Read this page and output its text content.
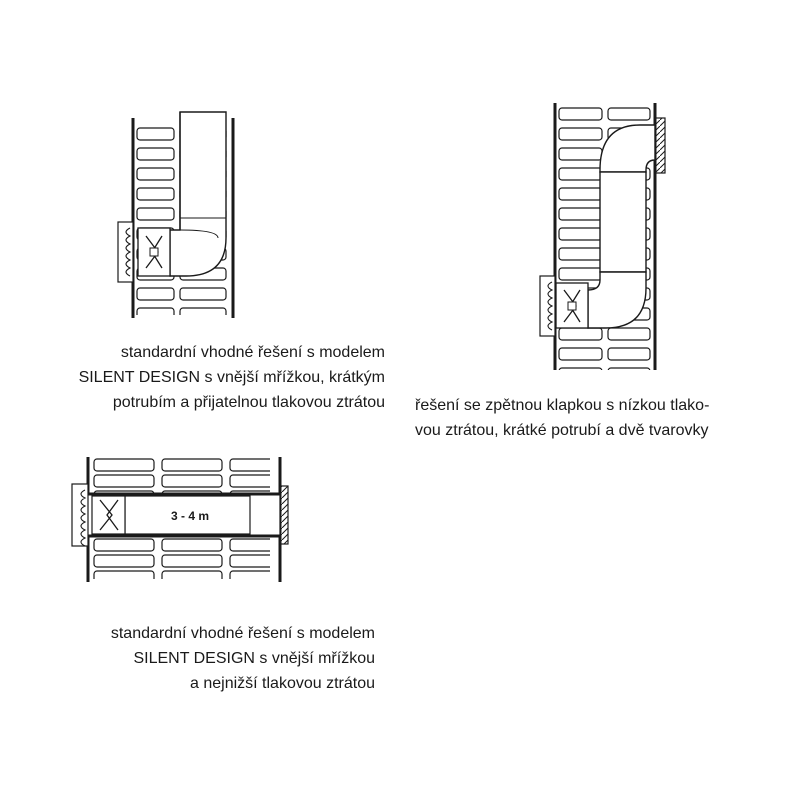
3 - 4 m

standardní vhodné řešení s modelem
SILENT DESIGN s vnější mřížkou, krátkým
potrubím a přijatelnou tlakovou ztrátou řešení se zpětnou klapkou s nízkou tlako-
vou ztrátou, krátké potrubí a dvě tvarovky

standardní vhodné řešení s modelem
SILENT DESIGN s vnější mřížkou
a nejnižší tlakovou ztrátou
